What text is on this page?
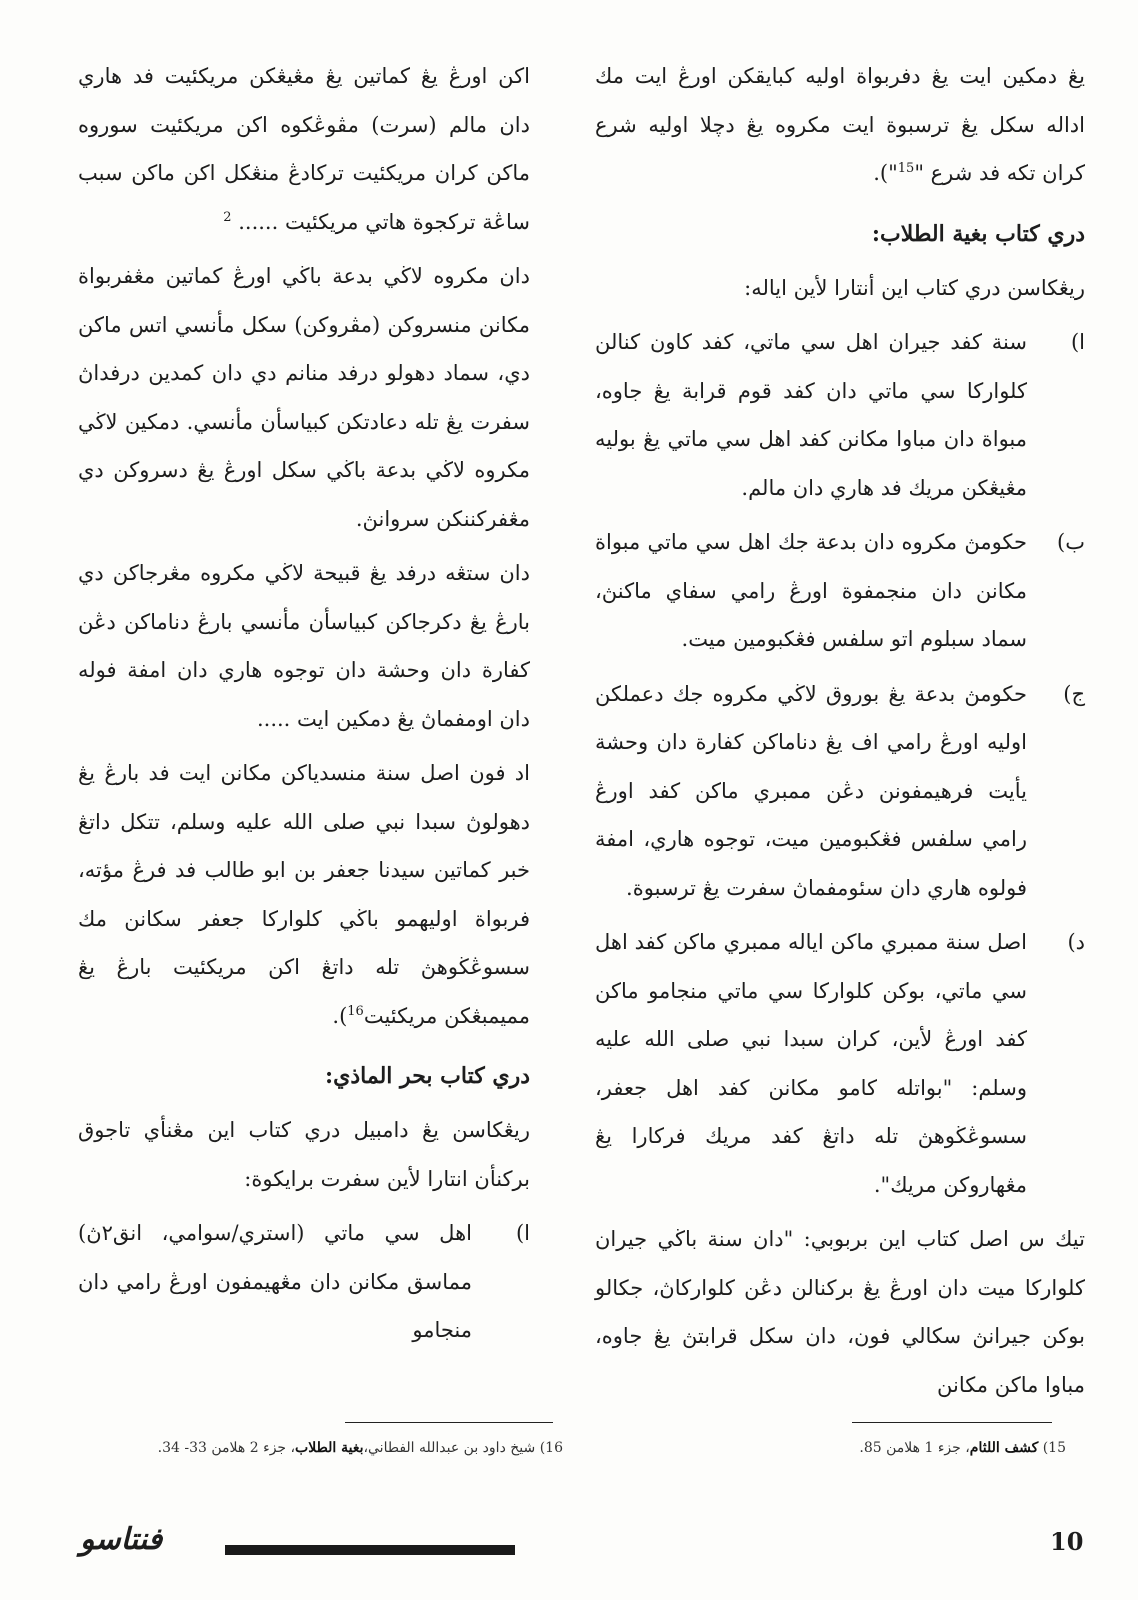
يڠ دمكين ايت يڠ دفربواة اوليه كبايقكن اورڠ ايت مك اداله سكل يڠ ترسبوة ايت مكروه يڠ دچلا اوليه شرع كران تكه فد شرع "$^{15}$").

دري كتاب بغية الطلاب:

ريڠكاسن دري كتاب اين أنتارا لأين اياله:

ا)
سنة كفد جيران اهل سي ماتي، كفد كاون كنالن كلواركا سي ماتي دان كفد قوم قرابة يڠ جاوه، مبواة دان مباوا مكانن كفد اهل سي ماتي يڠ بوليه مڠيڠكن مريك فد هاري دان مالم.
ب)
حكومڽ مكروه دان بدعة جك اهل سي ماتي مبواة مكانن دان منجمفوة اورڠ رامي سفاي ماكنڽ، سماد سبلوم اتو سلفس فڠكبومين ميت.
ج)
حكومڽ بدعة يڠ بوروق لاڬي مكروه جك دعملكن اوليه اورڠ رامي اف يڠ دناماكن كفارة دان وحشة يأيت فرهيمفونن دڠن ممبري ماكن كفد اورڠ رامي سلفس فڠكبومين ميت، توجوه هاري، امفة فولوه هاري دان سئومفماڽ سفرت يڠ ترسبوة.
د)
اصل سنة ممبري ماكن اياله ممبري ماكن كفد اهل سي ماتي، بوكن كلواركا سي ماتي منجامو ماكن كفد اورڠ لأين، كران سبدا نبي صلى الله عليه وسلم: "بواتله كامو مكانن كفد اهل جعفر، سسوڠڬوهڽ تله داتڠ كفد مريك فركارا يڠ مڠهاروكن مريك".

تيك س اصل كتاب اين بربوبي: "دان سنة باڬي جيران كلواركا ميت دان اورڠ يڠ بركنالن دڠن كلواركاڽ، جكالو بوكن جيرانڽ سكالي فون، دان سكل قرابتڽ يڠ جاوه، مباوا ماكن مكانن

اكن اورڠ يڠ كماتين يڠ مڠيڠكن مريكئيت فد هاري دان مالم (سرت) مڤوڠكوه اكن مريكئيت سوروه ماكن كران مريكئيت تركادڠ منڠكل اكن ماكن سبب ساڠة تركجوة هاتي مريكئيت ...... $^2$

دان مكروه لاڬي بدعة باڬي اورڠ كماتين مڠفربواة مكانن منسروكن (مڤروكن) سكل مأنسي اتس ماكن دي، سماد دهولو درفد منانم دي دان كمدين درفداڽ سفرت يڠ تله دعادتكن كبياسأن مأنسي. دمكين لاڬي مكروه لاڬي بدعة باڬي سكل اورڠ يڠ دسروكن دي مڠفركننكن سروانڽ.

دان ستڠه درفد يڠ قبيحة لاڬي مكروه مڠرجاكن دي بارڠ يڠ دكرجاكن كبياسأن مأنسي بارڠ دناماكن دڠن كفارة دان وحشة دان توجوه هاري دان امفة فوله دان اومفماڽ يڠ دمكين ايت .....

اد فون اصل سنة منسدياكن مكانن ايت فد بارڠ يڠ دهولوڽ سبدا نبي صلى الله عليه وسلم، تتكل داتڠ خبر كماتين سيدنا جعفر بن ابو طالب فد فرڠ مؤته، فربواة اوليهمو باڬي كلواركا جعفر سكانن مك سسوڠڬوهڽ تله داتڠ اكن مريكئيت بارڠ يڠ مميمبڠكن مريكئيت$^{16}$).

دري كتاب بحر الماذي:

ريڠكاسن يڠ دامبيل دري كتاب اين مڠنأي تاجوق بركنأن انتارا لأين سفرت برايكوة:

ا)
اهل سي ماتي (استري/سوامي، انق٢ڽ) مماسق مكانن دان مڠهيمفون اورڠ رامي دان منجامو
15) كشف اللثام، جزء 1 هلامن 85.
16) شيخ داود بن عبدالله الفطاني،بغية الطلاب، جزء 2 هلامن 33- 34.
10
فنتاسو
